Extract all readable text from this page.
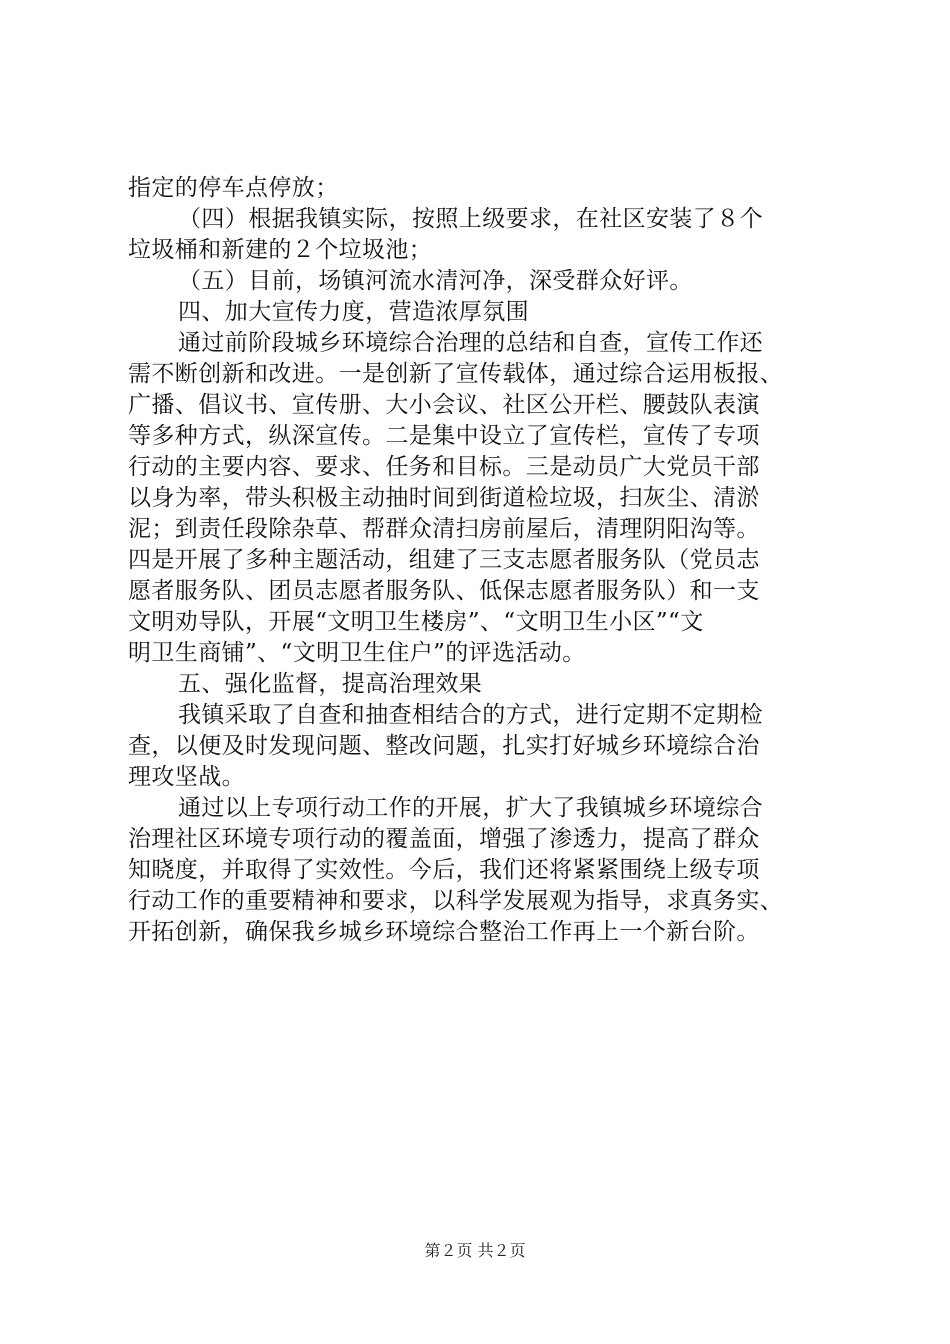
指定的停车点停放；
（四）根据我镇实际，按照上级要求，在社区安装了８个
垃圾桶和新建的２个垃圾池；
（五）目前，场镇河流水清河净，深受群众好评。
四、加大宣传力度，营造浓厚氛围
通过前阶段城乡环境综合治理的总结和自查，宣传工作还
需不断创新和改进。一是创新了宣传载体，通过综合运用板报、
广播、倡议书、宣传册、大小会议、社区公开栏、腰鼓队表演
等多种方式，纵深宣传。二是集中设立了宣传栏，宣传了专项
行动的主要内容、要求、任务和目标。三是动员广大党员干部
以身为率，带头积极主动抽时间到街道检垃圾，扫灰尘、清淤
泥；到责任段除杂草、帮群众清扫房前屋后，清理阴阳沟等。
四是开展了多种主题活动，组建了三支志愿者服务队（党员志
愿者服务队、团员志愿者服务队、低保志愿者服务队）和一支
文明劝导队，开展“文明卫生楼房”、“文明卫生小区”“文
明卫生商铺”、“文明卫生住户”的评选活动。
五、强化监督，提高治理效果
我镇采取了自查和抽查相结合的方式，进行定期不定期检
查，以便及时发现问题、整改问题，扎实打好城乡环境综合治
理攻坚战。
通过以上专项行动工作的开展，扩大了我镇城乡环境综合
治理社区环境专项行动的覆盖面，增强了渗透力，提高了群众
知晓度，并取得了实效性。今后，我们还将紧紧围绕上级专项
行动工作的重要精神和要求，以科学发展观为指导，求真务实、
开拓创新，确保我乡城乡环境综合整治工作再上一个新台阶。
第２页 共２页
